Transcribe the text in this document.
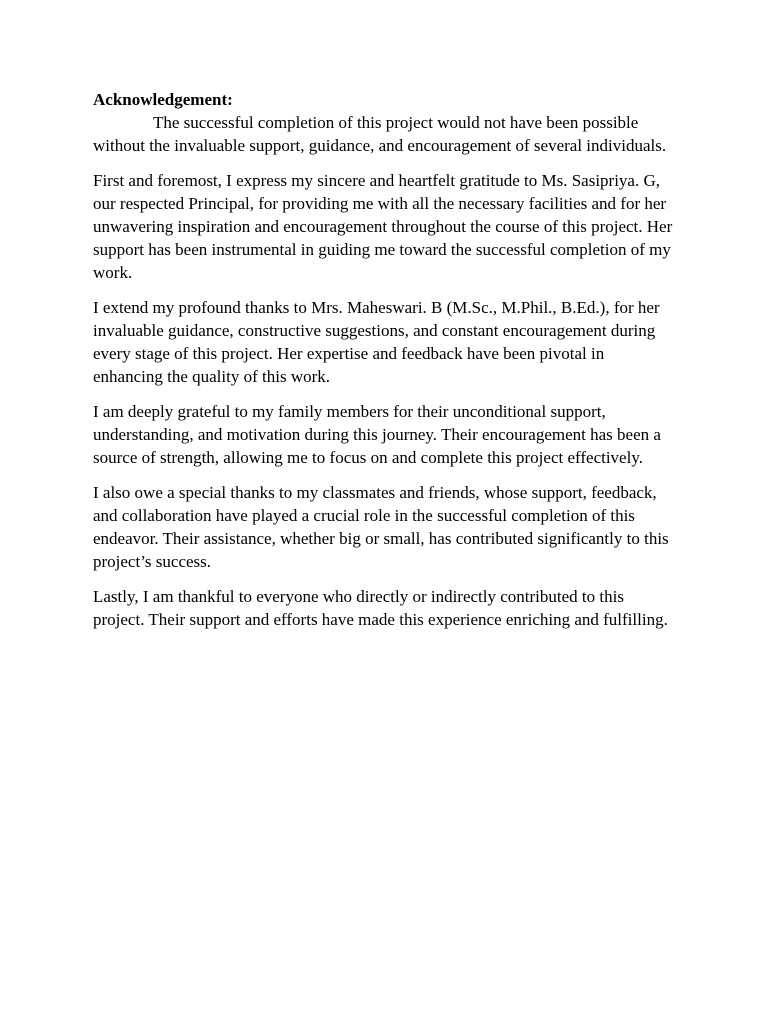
Acknowledgement:

The successful completion of this project would not have been possible without the invaluable support, guidance, and encouragement of several individuals.

First and foremost, I express my sincere and heartfelt gratitude to Ms. Sasipriya. G, our respected Principal, for providing me with all the necessary facilities and for her unwavering inspiration and encouragement throughout the course of this project. Her support has been instrumental in guiding me toward the successful completion of my work.

I extend my profound thanks to Mrs. Maheswari. B (M.Sc., M.Phil., B.Ed.), for her invaluable guidance, constructive suggestions, and constant encouragement during every stage of this project. Her expertise and feedback have been pivotal in enhancing the quality of this work.

I am deeply grateful to my family members for their unconditional support, understanding, and motivation during this journey. Their encouragement has been a source of strength, allowing me to focus on and complete this project effectively.

I also owe a special thanks to my classmates and friends, whose support, feedback, and collaboration have played a crucial role in the successful completion of this endeavor. Their assistance, whether big or small, has contributed significantly to this project’s success.

Lastly, I am thankful to everyone who directly or indirectly contributed to this project. Their support and efforts have made this experience enriching and fulfilling.
